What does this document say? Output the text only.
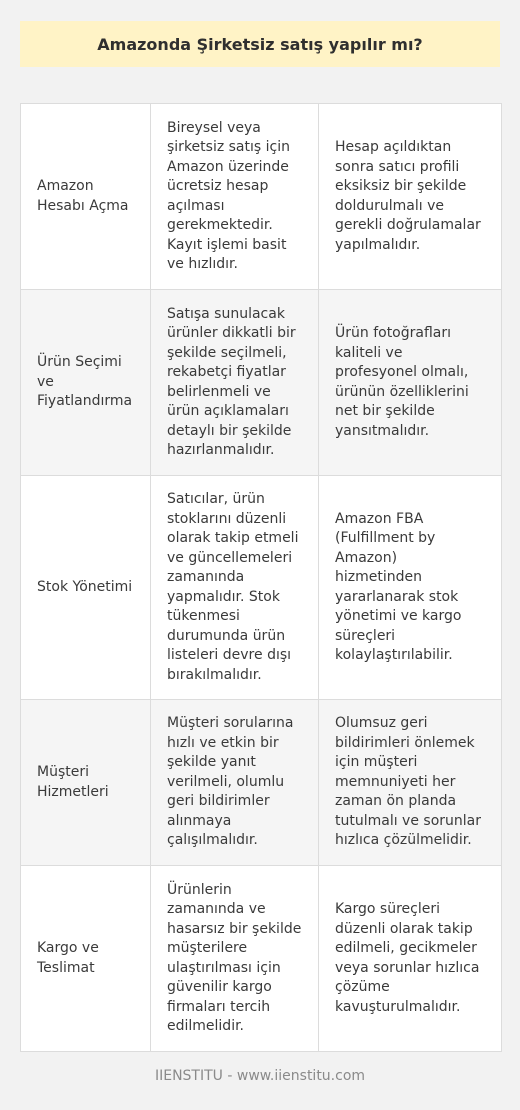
Amazonda Şirketsiz satış yapılır mı?
Amazon Hesabı Açma
Bireysel veya şirketsiz satış için Amazon üzerinde ücretsiz hesap açılması gerekmektedir. Kayıt işlemi basit ve hızlıdır.
Hesap açıldıktan sonra satıcı profili eksiksiz bir şekilde doldurulmalı ve gerekli doğrulamalar yapılmalıdır.
Ürün Seçimi ve Fiyatlandırma
Satışa sunulacak ürünler dikkatli bir şekilde seçilmeli, rekabetçi fiyatlar belirlenmeli ve ürün açıklamaları detaylı bir şekilde hazırlanmalıdır.
Ürün fotoğrafları kaliteli ve profesyonel olmalı, ürünün özelliklerini net bir şekilde yansıtmalıdır.
Stok Yönetimi
Satıcılar, ürün stoklarını düzenli olarak takip etmeli ve güncellemeleri zamanında yapmalıdır. Stok tükenmesi durumunda ürün listeleri devre dışı bırakılmalıdır.
Amazon FBA (Fulfillment by Amazon) hizmetinden yararlanarak stok yönetimi ve kargo süreçleri kolaylaştırılabilir.
Müşteri Hizmetleri
Müşteri sorularına hızlı ve etkin bir şekilde yanıt verilmeli, olumlu geri bildirimler alınmaya çalışılmalıdır.
Olumsuz geri bildirimleri önlemek için müşteri memnuniyeti her zaman ön planda tutulmalı ve sorunlar hızlıca çözülmelidir.
Kargo ve Teslimat
Ürünlerin zamanında ve hasarsız bir şekilde müşterilere ulaştırılması için güvenilir kargo firmaları tercih edilmelidir.
Kargo süreçleri düzenli olarak takip edilmeli, gecikmeler veya sorunlar hızlıca çözüme kavuşturulmalıdır.
IIENSTITU - www.iienstitu.com
